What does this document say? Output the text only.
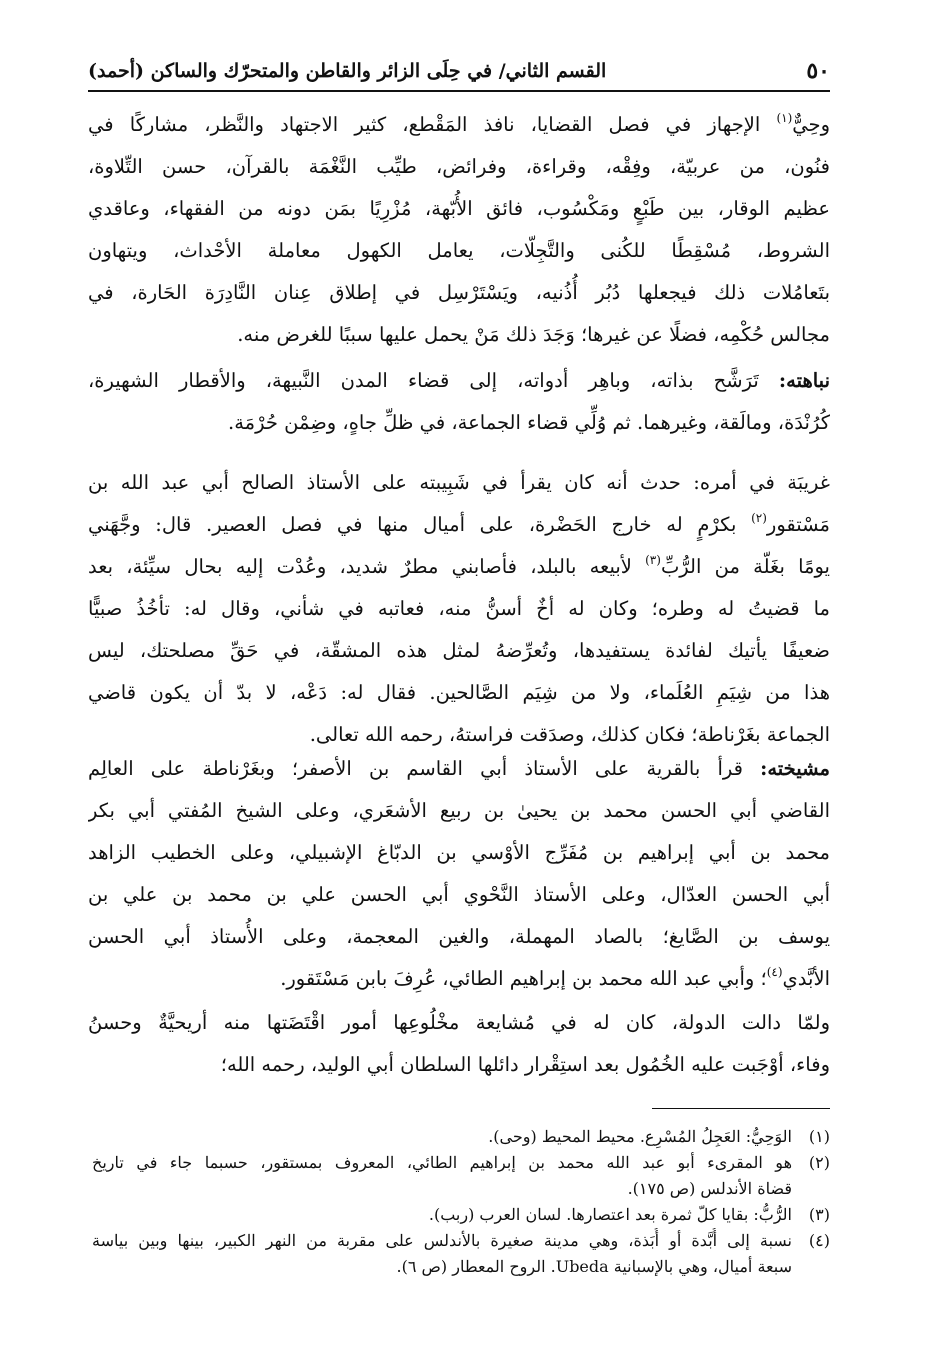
٥٠
القسم الثاني/ في حِلَى الزائر والقاطن والمتحرّك والساكن (أحمد)
وحِيٌّ$^{(١)}$ الإجهاز في فصل القضايا، نافذ المَقْطع، كثير الاجتهاد والنَّظر، مشاركًا في
فنُون، من عربيّة، وفِقْه، وقراءة، وفرائض، طيِّب النَّغْمَة بالقرآن، حسن التِّلاوة،
عظيم الوقار، بين طَبْعٍ ومَكْسُوب، فائق الأُبّهة، مُزْرِيًا بمَن دونه من الفقهاء، وعاقدي
الشروط، مُسْقِطًا للكُنى والتَّجِلّات، يعامل الكهول معاملة الأحْداث، ويتهاون
بتَعامُلات ذلك فيجعلها دُبُر أُذُنيه، ويَسْتَرْسِل في إطلاق عِنان النَّادِرَة الحَارة، في
مجالس حُكْمِه، فضلًا عن غيرها؛ وَجَدَ ذلك مَنْ يحمل عليها سببًا للغرض منه.
نباهته: تَرَشَّح بذاته، وباهِر أدواته، إلى قضاء المدن النَّبيهة، والأقطار الشهيرة،
كُرُنْدَة، ومالَقة، وغيرهما. ثم وُلِّي قضاء الجماعة، في ظلِّ جاهٍ، وضِمْن حُرْمَة.
غريبَة في أمره: حدث أنه كان يقرأ في شَبِيبته على الأستاذ الصالح أبي عبد الله بن
مَسْتقور$^{(٢)}$ بكرْمٍ له خارج الحَضْرة، على أميال منها في فصل العصير. قال: وجَّهَني
يومًا بغَلّة من الرُّبِّ$^{(٣)}$ لأبيعه بالبلد، فأصابني مطرٌ شديد، وعُدْت إليه بحال سيِّئة، بعد
ما قضيتُ له وطره؛ وكان له أخٌ أسنُّ منه، فعاتبه في شأني، وقال له: تأخُذُ صبيًّا
ضعيفًا يأتيك لفائدة يستفيدها، وتُعرِّضهُ لمثل هذه المشقّة، في حَقِّ مصلحتك، ليس
هذا من شِيَمِ العُلَماء، ولا من شِيَم الصَّالحين. فقال له: دَعْه، لا بدّ أن يكون قاضي
الجماعة بغَرْناطة؛ فكان كذلك، وصدَقت فراستهُ، رحمه الله تعالى.
مشيخته: قرأ بالقرية على الأستاذ أبي القاسم بن الأصفر؛ وبغَرْناطة على العالِم
القاضي أبي الحسن محمد بن يحيىٰ بن ربيع الأشعَري، وعلى الشيخ المُفتي أبي بكر
محمد بن أبي إبراهيم بن مُفَرِّج الأوْسي بن الدبّاغ الإشبيلي، وعلى الخطيب الزاهد
أبي الحسن العدّال، وعلى الأستاذ النَّحْوي أبي الحسن علي بن محمد بن علي بن
يوسف بن الصَّايغ؛ بالصاد المهملة، والغين المعجمة، وعلى الأُستاذ أبي الحسن
الأبَّدي$^{(٤)}$؛ وأبي عبد الله محمد بن إبراهيم الطائي، عُرِفَ بابن مَسْتَقور.
ولمّا دالت الدولة، كان له في مُشايعة مخْلُوعِها أمور اقْتَضَتها منه أريحيَّةٌ وحسنُ
وفاء، أوْجَبت عليه الخُمُول بعد استِقْرار دائلها السلطان أبي الوليد، رحمه الله؛
(١)الوَحِيُّ: العَجِلُ المُسْرِع. محيط المحيط (وحى).
(٢)هو المقرىء أبو عبد الله محمد بن إبراهيم الطائي، المعروف بمستقور، حسبما جاء في تاريخ
قضاة الأندلس (ص ١٧٥).
(٣)الرُّبُّ: بقايا كلّ ثمرة بعد اعتصارها. لسان العرب (ربب).
(٤)نسبة إلى أُبَّدة أو أُبَذة، وهي مدينة صغيرة بالأندلس على مقربة من النهر الكبير، بينها وبين بياسة
سبعة أميال، وهي بالإسبانية Ubeda. الروح المعطار (ص ٦).
